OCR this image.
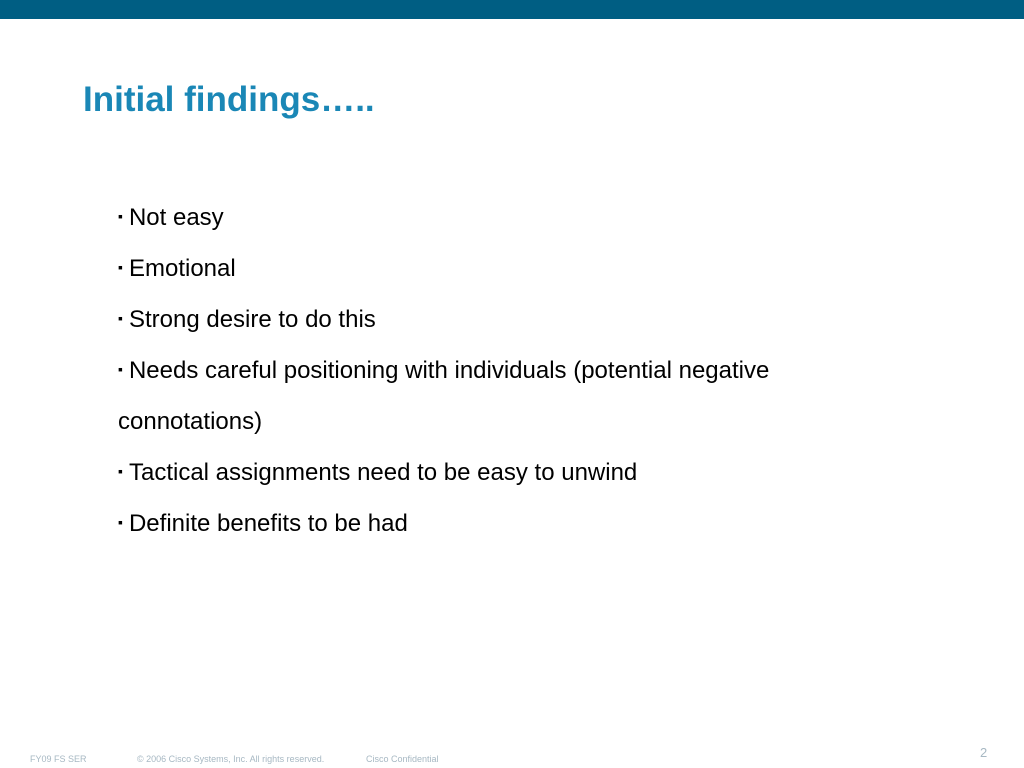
Initial findings…..
▪ Not easy
▪ Emotional
▪ Strong desire to do this
▪ Needs careful positioning with individuals (potential negative
connotations)
▪ Tactical assignments need to be easy to unwind
▪ Definite benefits to be had
FY09 FS SER	© 2006 Cisco Systems, Inc. All rights reserved.	Cisco Confidential	2
